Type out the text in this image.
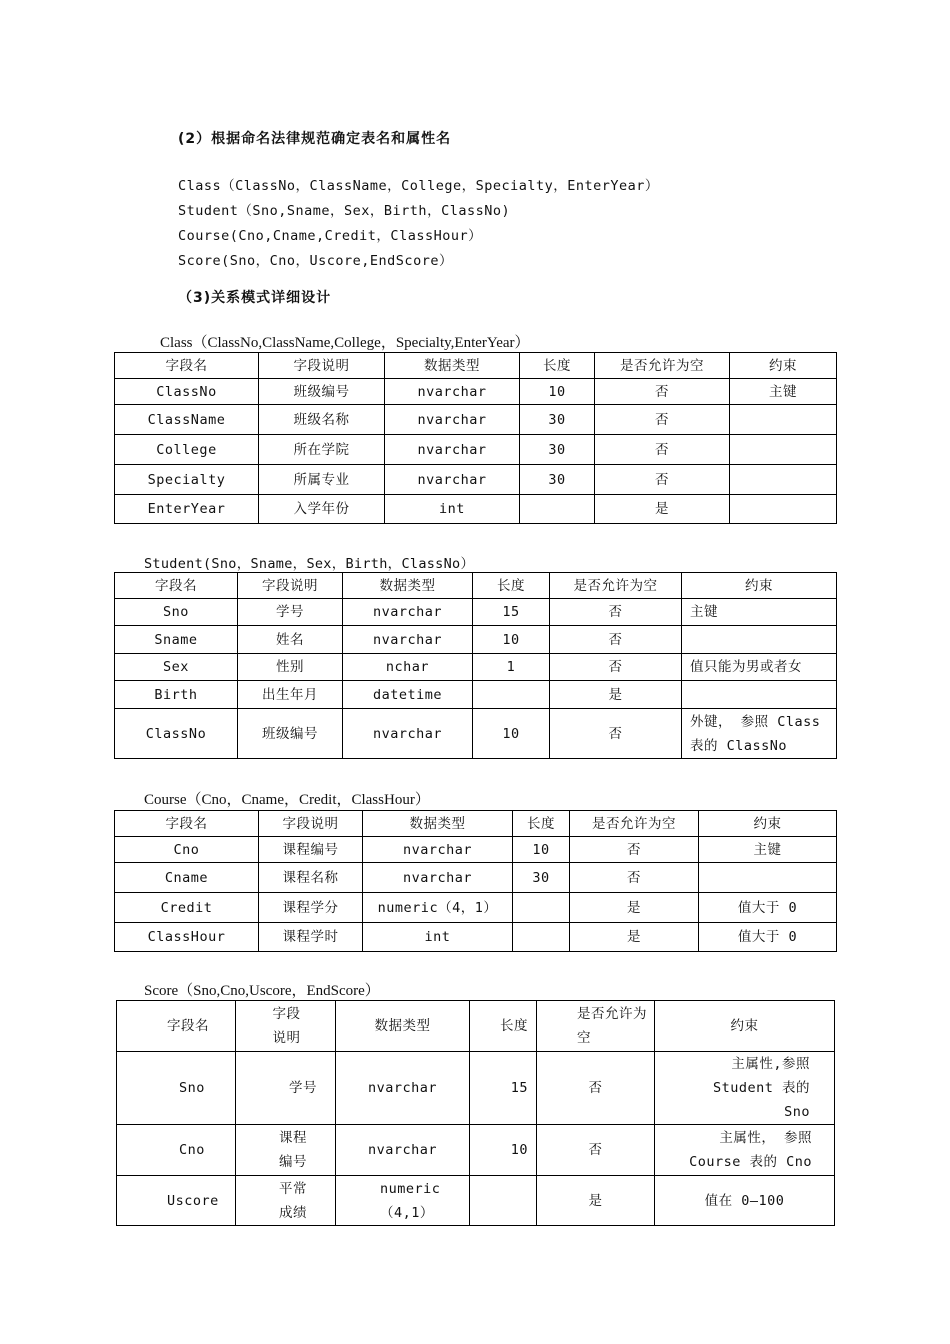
(2）根据命名法律规范确定表名和属性名
Class（ClassNo，ClassName，College，Specialty，EnterYear）
Student（Sno,Sname，Sex，Birth，ClassNo)
Course(Cno,Cname,Credit，ClassHour）
Score(Sno，Cno，Uscore,EndScore）
（3)关系模式详细设计
Class（ClassNo,ClassName,College，Specialty,EnterYear）
字段名	字段说明	数据类型	长度	是否允许为空	约束
ClassNo	班级编号	nvarchar	10	否	主键
ClassName	班级名称	nvarchar	30	否	
College	所在学院	nvarchar	30	否	
Specialty	所属专业	nvarchar	30	否	
EnterYear	入学年份	int		是	
Student(Sno，Sname，Sex，Birth，ClassNo）
字段名	字段说明	数据类型	长度	是否允许为空	约束
Sno	学号	nvarchar	15	否	主键
Sname	姓名	nvarchar	10	否	
Sex	性别	nchar	1	否	值只能为男或者女
Birth	出生年月	datetime		是	
ClassNo	班级编号	nvarchar	10	否	外键， 参照 Class 表的 ClassNo
Course（Cno，Cname，Credit，ClassHour）
字段名	字段说明	数据类型	长度	是否允许为空	约束
Cno	课程编号	nvarchar	10	否	主键
Cname	课程名称	nvarchar	30	否	
Credit	课程学分	numeric（4，1）		是	值大于 0
ClassHour	课程学时	int		是	值大于 0
Score（Sno,Cno,Uscore，EndScore）
字段名	字段说明	数据类型	长度	是否允许为空	约束
Sno	学号	nvarchar	15	否	主属性,参照 Student 表的 Sno
Cno	课程编号	nvarchar	10	否	主属性， 参照 Course 表的 Cno
Uscore	平常成绩	numeric（4,1）		是	值在 0—100
